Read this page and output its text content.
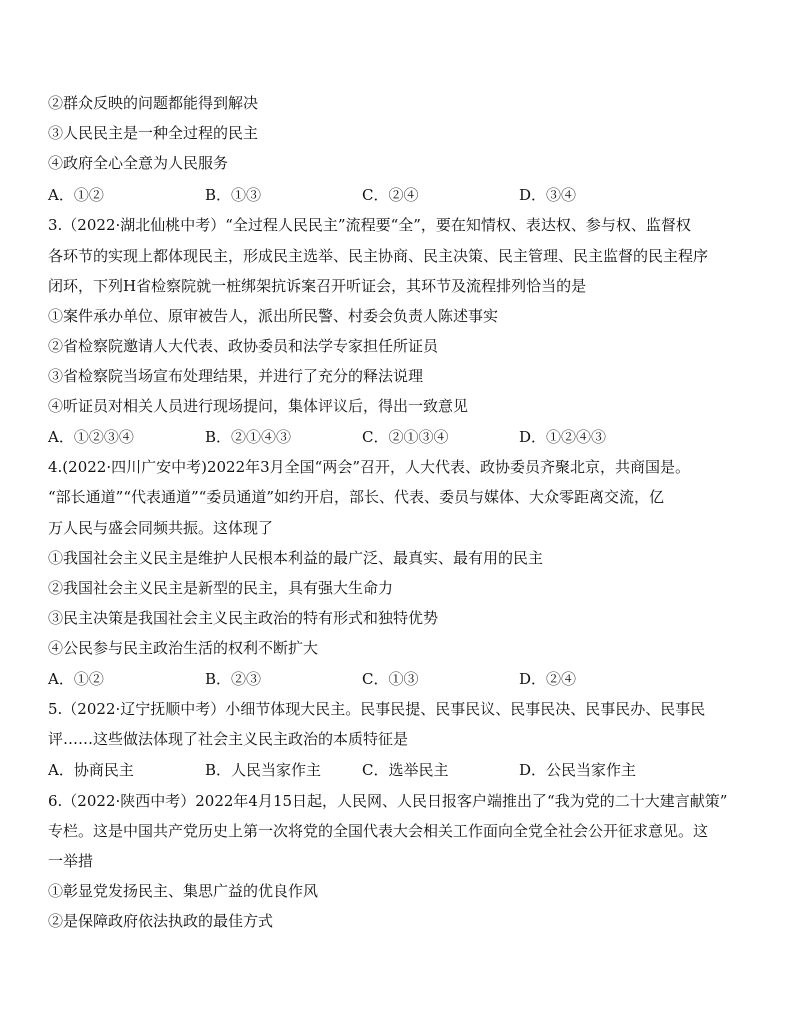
②群众反映的问题都能得到解决
③人民民主是一种全过程的民主
④政府全心全意为人民服务
A．①②	B．①③	C．②④	D．③④
3.（2022·湖北仙桃中考）“全过程人民民主”流程要“全”，要在知情权、表达权、参与权、监督权
各环节的实现上都体现民主，形成民主选举、民主协商、民主决策、民主管理、民主监督的民主程序
闭环，下列H省检察院就一桩绑架抗诉案召开听证会，其环节及流程排列恰当的是
①案件承办单位、原审被告人，派出所民警、村委会负责人陈述事实
②省检察院邀请人大代表、政协委员和法学专家担任所证员
③省检察院当场宣布处理结果，并进行了充分的释法说理
④听证员对相关人员进行现场提问，集体评议后，得出一致意见
A．①②③④	B．②①④③	C．②①③④	D．①②④③
4.(2022·四川广安中考)2022年3月全国“两会”召开，人大代表、政协委员齐聚北京，共商国是。
“部长通道”“代表通道”“委员通道”如约开启，部长、代表、委员与媒体、大众零距离交流，亿
万人民与盛会同频共振。这体现了
①我国社会主义民主是维护人民根本利益的最广泛、最真实、最有用的民主
②我国社会主义民主是新型的民主，具有强大生命力
③民主决策是我国社会主义民主政治的特有形式和独特优势
④公民参与民主政治生活的权利不断扩大
A．①②	B．②③	C．①③	D．②④
5.（2022·辽宁抚顺中考）小细节体现大民主。民事民提、民事民议、民事民决、民事民办、民事民
评……这些做法体现了社会主义民主政治的本质特征是
A．协商民主	B．人民当家作主	C．选举民主	D．公民当家作主
6.（2022·陕西中考）2022年4月15日起，人民网、人民日报客户端推出了“我为党的二十大建言献策”
专栏。这是中国共产党历史上第一次将党的全国代表大会相关工作面向全党全社会公开征求意见。这
一举措
①彰显党发扬民主、集思广益的优良作风
②是保障政府依法执政的最佳方式
